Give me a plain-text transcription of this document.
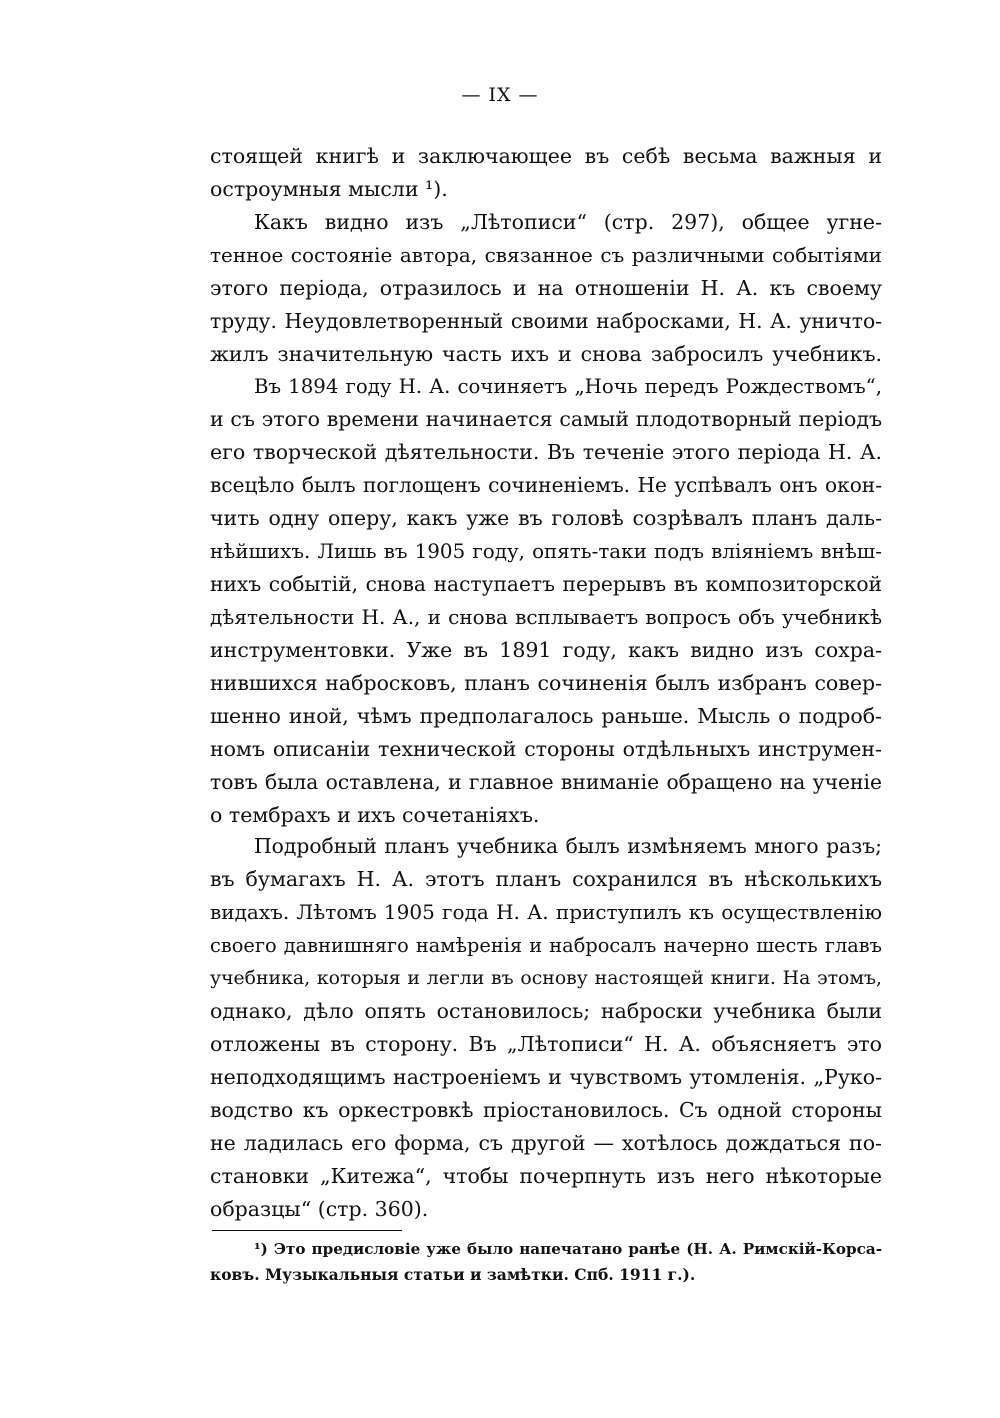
— IX —
стоящей книгѣ и заключающее въ себѣ весьма важныя и
остроумныя мысли ¹).
Какъ видно изъ „Лѣтописи“ (стр. 297), общее угне-
тенное состояніе автора, связанное съ различными событіями
этого періода, отразилось и на отношеніи Н. А. къ своему
труду. Неудовлетворенный своими набросками, Н. А. уничто-
жилъ значительную часть ихъ и снова забросилъ учебникъ.
Въ 1894 году Н. А. сочиняетъ „Ночь передъ Рождествомъ“,
и съ этого времени начинается самый плодотворный періодъ
его творческой дѣятельности. Въ теченіе этого періода Н. А.
всецѣло былъ поглощенъ сочиненіемъ. Не успѣвалъ онъ окон-
чить одну оперу, какъ уже въ головѣ созрѣвалъ планъ даль-
нѣйшихъ. Лишь въ 1905 году, опять-таки подъ вліяніемъ внѣш-
нихъ событій, снова наступаетъ перерывъ въ композиторской
дѣятельности Н. А., и снова всплываетъ вопросъ объ учебникѣ
инструментовки. Уже въ 1891 году, какъ видно изъ сохра-
нившихся набросковъ, планъ сочиненія былъ избранъ совер-
шенно иной, чѣмъ предполагалось раньше. Мысль о подроб-
номъ описаніи технической стороны отдѣльныхъ инструмен-
товъ была оставлена, и главное вниманіе обращено на ученіе
о тембрахъ и ихъ сочетаніяхъ.
Подробный планъ учебника былъ измѣняемъ много разъ;
въ бумагахъ Н. А. этотъ планъ сохранился въ нѣсколькихъ
видахъ. Лѣтомъ 1905 года Н. А. приступилъ къ осуществленію
своего давнишняго намѣренія и набросалъ начерно шесть главъ
учебника, которыя и легли въ основу настоящей книги. На этомъ,
однако, дѣло опять остановилось; наброски учебника были
отложены въ сторону. Въ „Лѣтописи“ Н. А. объясняетъ это
неподходящимъ настроеніемъ и чувствомъ утомленія. „Руко-
водство къ оркестровкѣ пріостановилось. Съ одной стороны
не ладилась его форма, съ другой — хотѣлось дождаться по-
становки „Китежа“, чтобы почерпнуть изъ него нѣкоторые
образцы“ (стр. 360).
¹) Это предисловіе уже было напечатано ранѣе (Н. А. Римскій-Корса-
ковъ. Музыкальныя статьи и замѣтки. Спб. 1911 г.).
